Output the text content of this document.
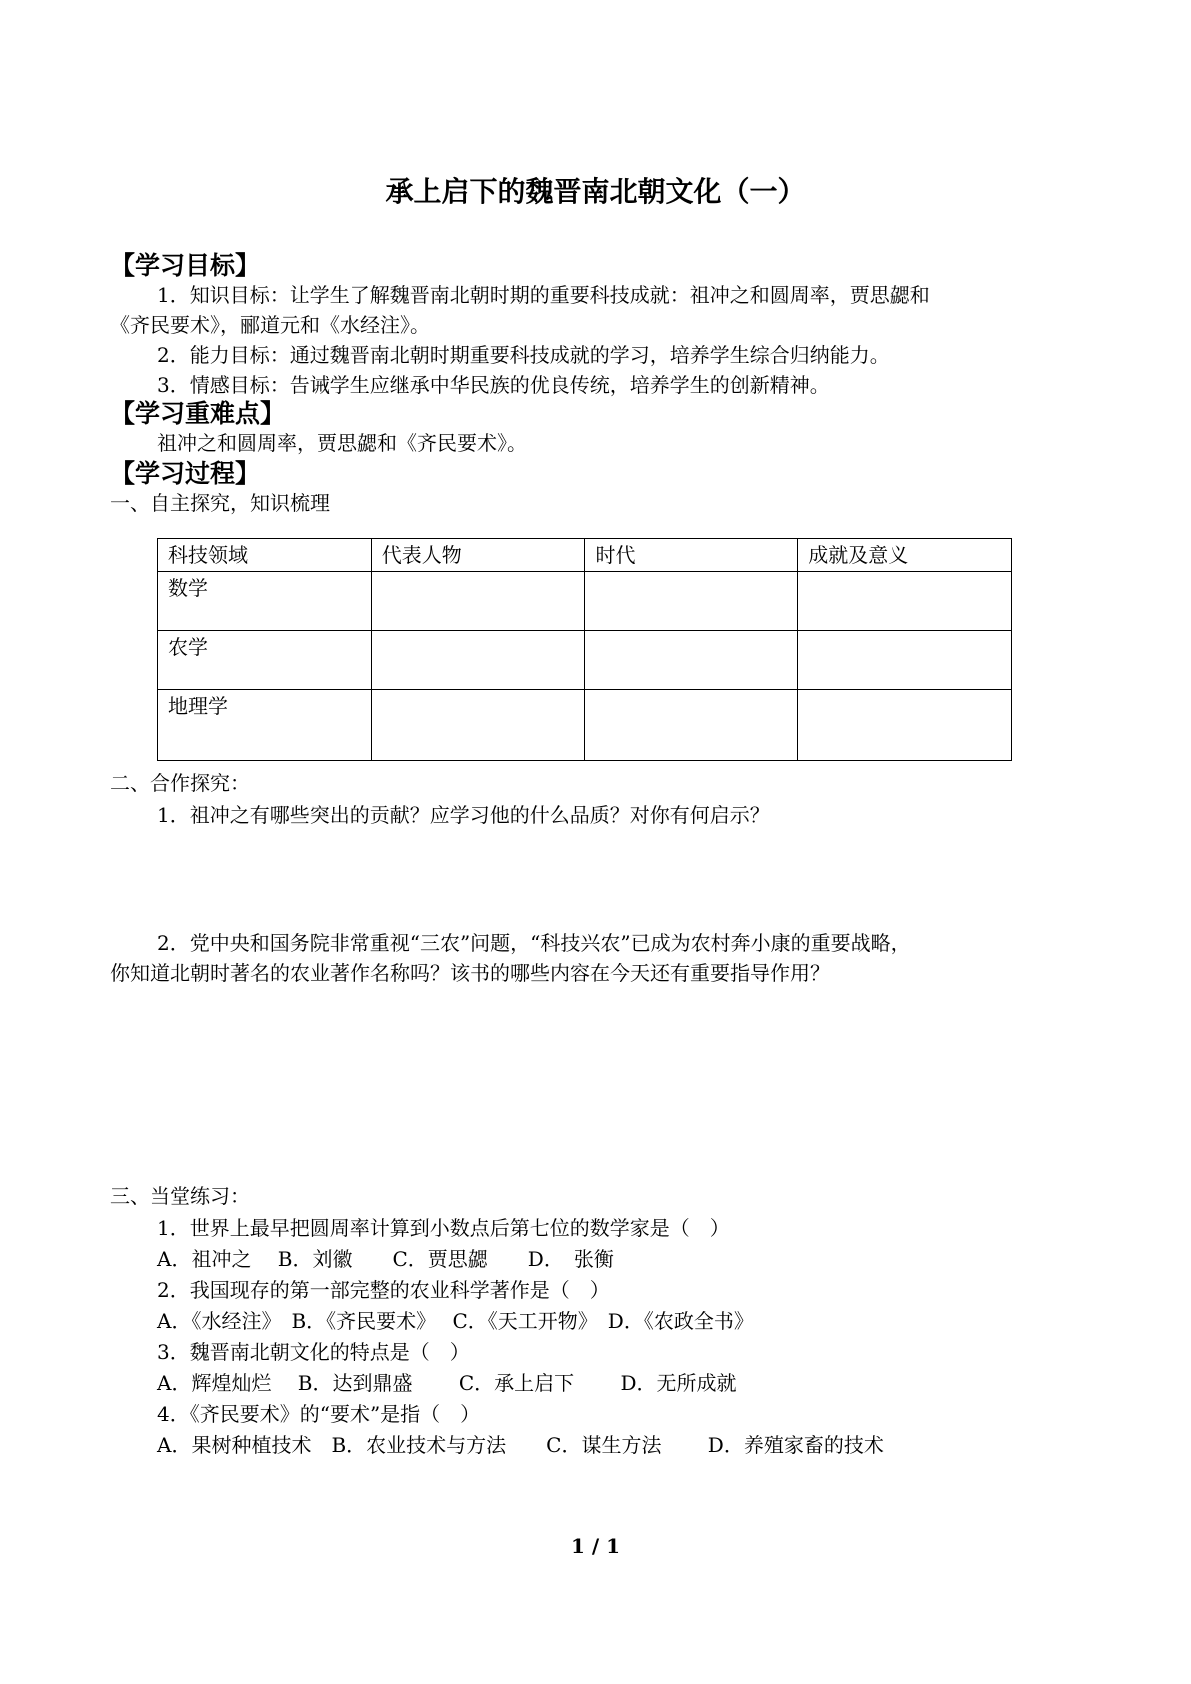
承上启下的魏晋南北朝文化（一）
【学习目标】
1．知识目标：让学生了解魏晋南北朝时期的重要科技成就：祖冲之和圆周率，贾思勰和
《齐民要术》，郦道元和《水经注》。
2．能力目标：通过魏晋南北朝时期重要科技成就的学习，培养学生综合归纳能力。
3．情感目标：告诫学生应继承中华民族的优良传统，培养学生的创新精神。
【学习重难点】
祖冲之和圆周率，贾思勰和《齐民要术》。
【学习过程】
一、自主探究，知识梳理
科技领域	代表人物	时代	成就及意义
数学			
农学			
地理学			
二、合作探究：
1．祖冲之有哪些突出的贡献？应学习他的什么品质？对你有何启示？
2．党中央和国务院非常重视“三农”问题，“科技兴农”已成为农村奔小康的重要战略，
你知道北朝时著名的农业著作名称吗？该书的哪些内容在今天还有重要指导作用？
三、当堂练习：
1．世界上最早把圆周率计算到小数点后第七位的数学家是（　）
A．祖冲之　 B．刘徽　　C．贾思勰　　D．　张衡
2．我国现存的第一部完整的农业科学著作是（　）
A．《水经注》　B．《齐民要术》　 C．《天工开物》　D．《农政全书》
3．魏晋南北朝文化的特点是（　）
A．辉煌灿烂　 B．达到鼎盛　　 C．承上启下　　 D．无所成就
4．《齐民要术》的“要术”是指（　）
A．果树种植技术　B．农业技术与方法　　C．谋生方法　　 D．养殖家畜的技术
1 / 1
